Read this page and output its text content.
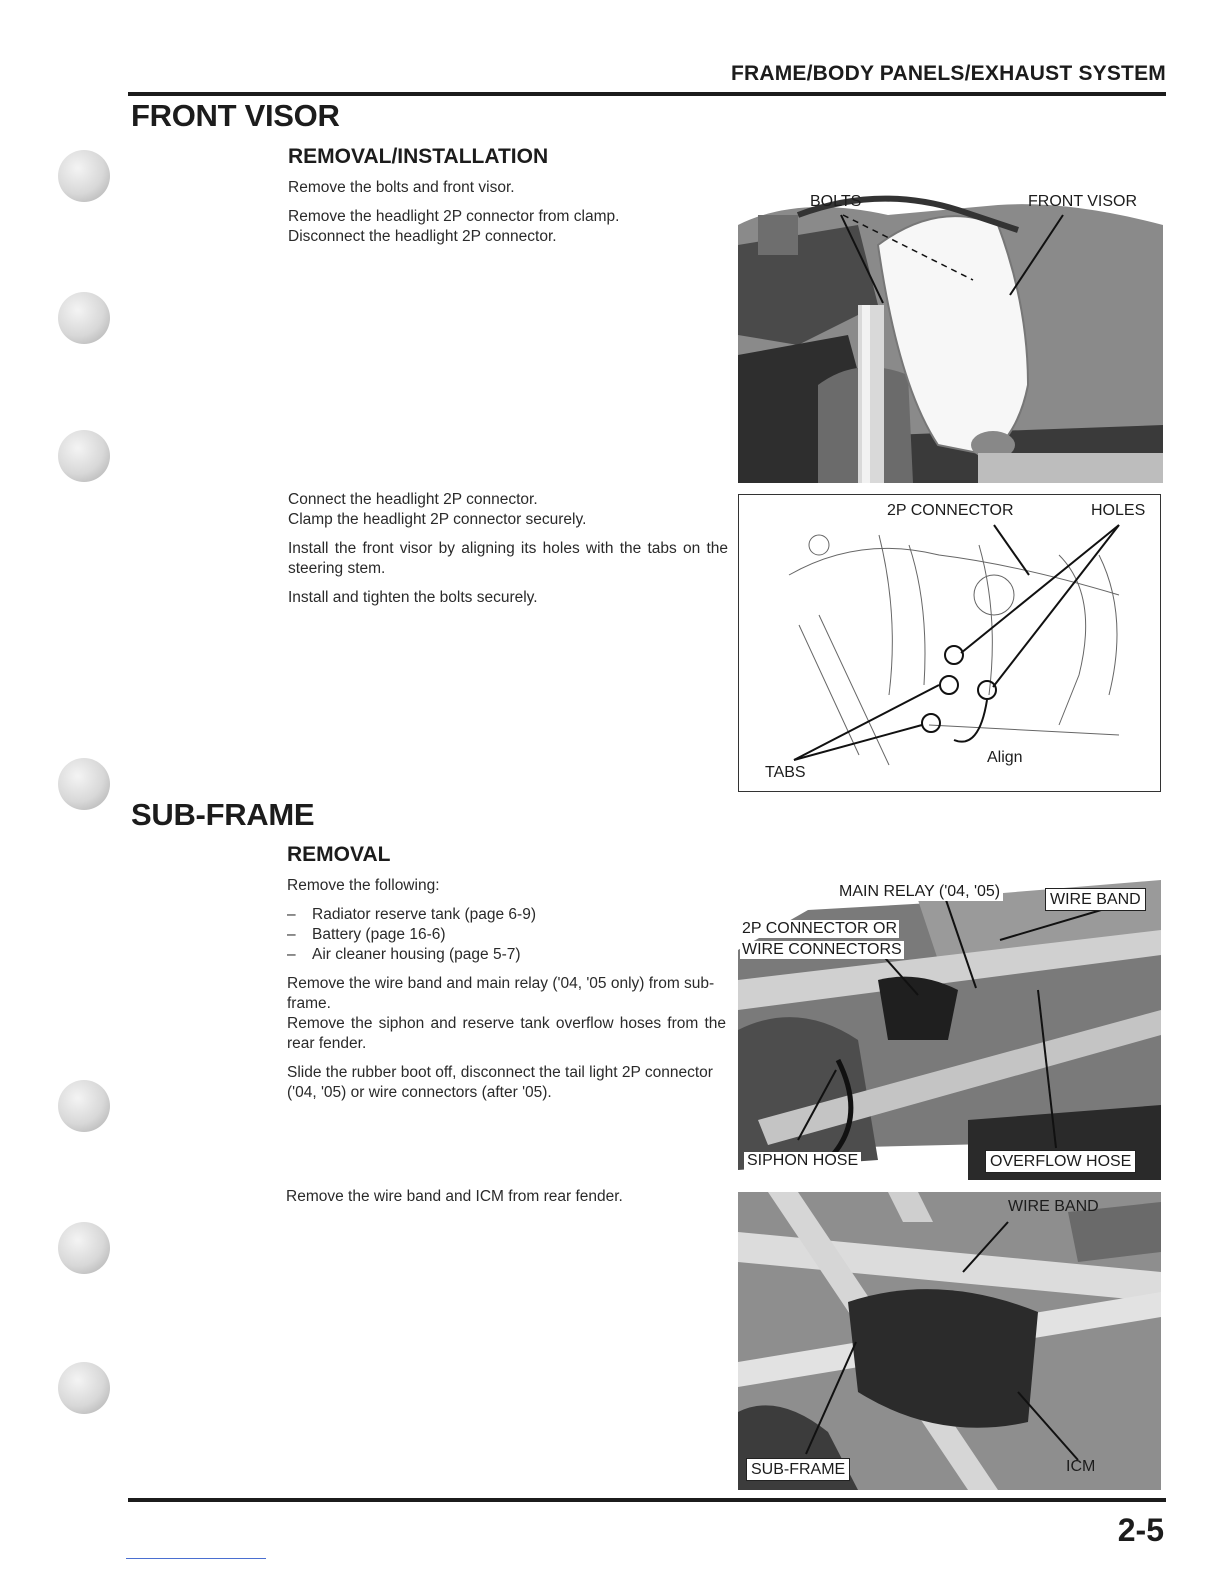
FRAME/BODY PANELS/EXHAUST SYSTEM
FRONT VISOR
REMOVAL/INSTALLATION

Remove the bolts and front visor.

Remove the headlight 2P connector from clamp.

Disconnect the headlight 2P connector.

Connect the headlight 2P connector.

Clamp the headlight 2P connector securely.

Install the front visor by aligning its holes with the tabs on the steering stem.

Install and tighten the bolts securely.

BOLTS	FRONT VISOR
2P CONNECTOR	HOLES
TABS
Align
SUB-FRAME
REMOVAL

Remove the following:

– Radiator reserve tank (page 6-9)
– Battery (page 16-6)
– Air cleaner housing (page 5-7)

Remove the wire band and main relay ('04, '05 only) from sub-frame.

Remove the siphon and reserve tank overflow hoses from the rear fender.

Slide the rubber boot off, disconnect the tail light 2P connector ('04, '05) or wire connectors (after '05).

Remove the wire band and ICM from rear fender.
MAIN RELAY ('04, '05)	WIRE BAND
2P CONNECTOR OR
WIRE CONNECTORS
SIPHON HOSE	OVERFLOW HOSE
WIRE BAND
SUB-FRAME	ICM
2-5
